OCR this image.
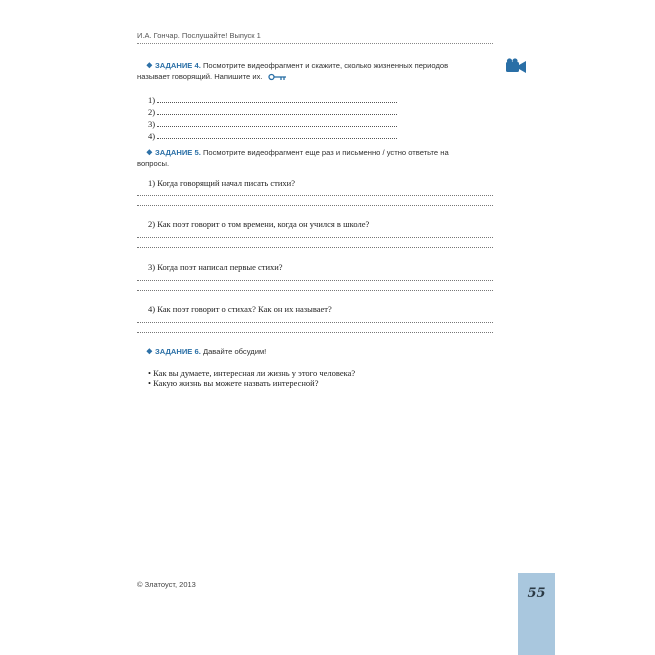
И.А. Гончар. Послушайте! Выпуск 1
❖ ЗАДАНИЕ 4. Посмотрите видеофрагмент и скажите, сколько жизненных периодов
называет говорящий. Напишите их.
1)
2)
3)
4)
❖ ЗАДАНИЕ 5. Посмотрите видеофрагмент еще раз и письменно / устно ответьте на
вопросы.
1) Когда говорящий начал писать стихи?
2) Как поэт говорит о том времени, когда он учился в школе?
3) Когда поэт написал первые стихи?
4) Как поэт говорит о стихах? Как он их называет?
❖ ЗАДАНИЕ 6. Давайте обсудим!
• Как вы думаете, интересная ли жизнь у этого человека?
• Какую жизнь вы можете назвать интересной?
© Златоуст, 2013
55
